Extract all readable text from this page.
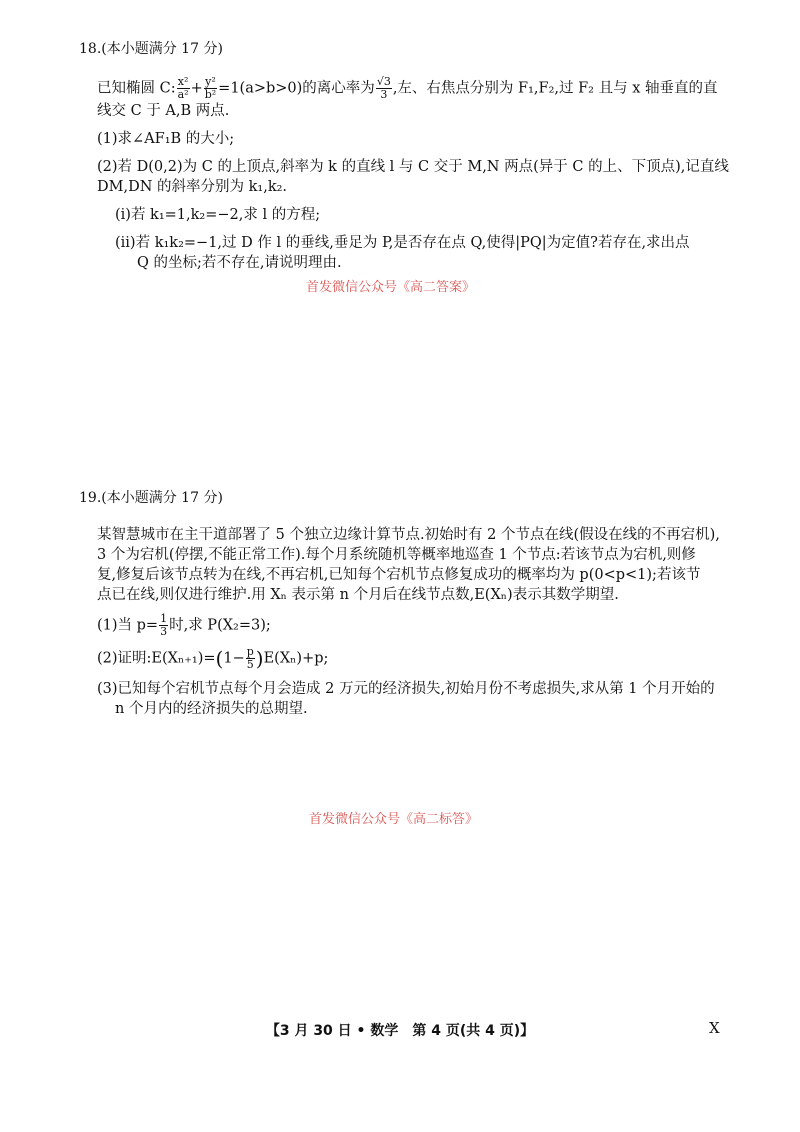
18.(本小题满分 17 分)

已知椭圆 C: $\frac{\text{x²}}{\text{a²}} + \frac{\text{y²}}{\text{b²}} =1(a>b>0)$的离心率为 $\frac{√3}{3}$ ,左、右焦点分别为 F₁,F₂,过 F₂ 且与 x 轴垂直的直

线交 C 于 A,B 两点.

(1)求∠AF₁B 的大小;

(2)若 D(0,2)为 C 的上顶点,斜率为 k 的直线 l 与 C 交于 M,N 两点(异于 C 的上、下顶点),记直线

DM,DN 的斜率分别为 k₁,k₂.

(ⅰ)若 k₁=1,k₂=−2,求 l 的方程;

(ⅱ)若 k₁k₂=−1,过 D 作 l 的垂线,垂足为 P,是否存在点 Q,使得|PQ|为定值?若存在,求出点

Q 的坐标;若不存在,请说明理由.

首发微信公众号《高二答案》

19.(本小题满分 17 分)

某智慧城市在主干道部署了 5 个独立边缘计算节点.初始时有 2 个节点在线(假设在线的不再宕机),

3 个为宕机(停摆,不能正常工作).每个月系统随机等概率地巡查 1 个节点:若该节点为宕机,则修

复,修复后该节点转为在线,不再宕机,已知每个宕机节点修复成功的概率均为 p(0<p<1);若该节

点已在线,则仅进行维护.用 Xₙ 表示第 n 个月后在线节点数,E(Xₙ)表示其数学期望.

(1)当 $p= \frac{1}{3}$ 时,求 P(X₂=3);

(2)证明:E(Xₙ₊₁)=(1− $\frac{p}{5} )E(X_n)+p$;

(3)已知每个宕机节点每个月会造成 2 万元的经济损失,初始月份不考虑损失,求从第 1 个月开始的

n 个月内的经济损失的总期望.

首发微信公众号《高二标答》
【3 月 30 日 • 数学　第 4 页(共 4 页)】	X
